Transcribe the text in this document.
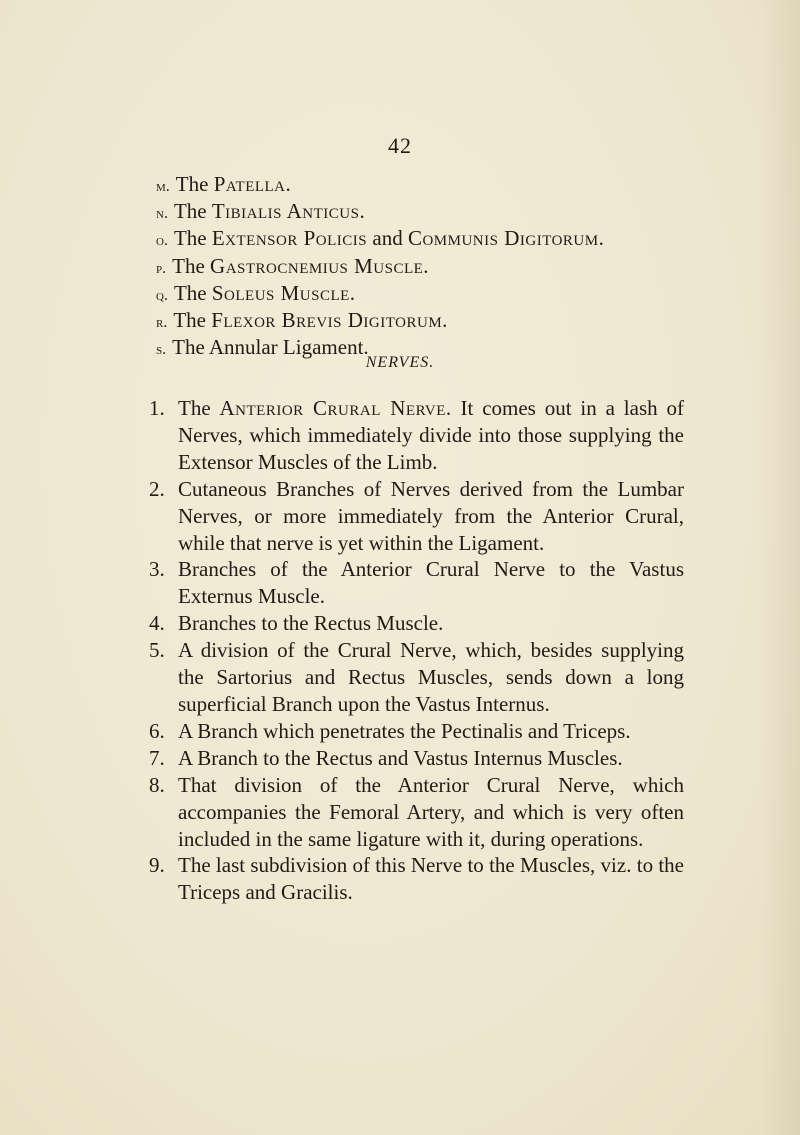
42
m. The Patella.
n. The Tibialis Anticus.
o. The Extensor Policis and Communis Digitorum.
p. The Gastrocnemius Muscle.
q. The Soleus Muscle.
r. The Flexor Brevis Digitorum.
s. The Annular Ligament.
NERVES.
1. The Anterior Crural Nerve. It comes out in a lash of Nerves, which immediately divide into those supplying the Extensor Muscles of the Limb.
2. Cutaneous Branches of Nerves derived from the Lumbar Nerves, or more immediately from the Anterior Crural, while that nerve is yet within the Ligament.
3. Branches of the Anterior Crural Nerve to the Vastus Externus Muscle.
4. Branches to the Rectus Muscle.
5. A division of the Crural Nerve, which, besides supplying the Sartorius and Rectus Muscles, sends down a long superficial Branch upon the Vastus Internus.
6. A Branch which penetrates the Pectinalis and Triceps.
7. A Branch to the Rectus and Vastus Internus Muscles.
8. That division of the Anterior Crural Nerve, which accompanies the Femoral Artery, and which is very often included in the same ligature with it, during operations.
9. The last subdivision of this Nerve to the Muscles, viz. to the Triceps and Gracilis.
